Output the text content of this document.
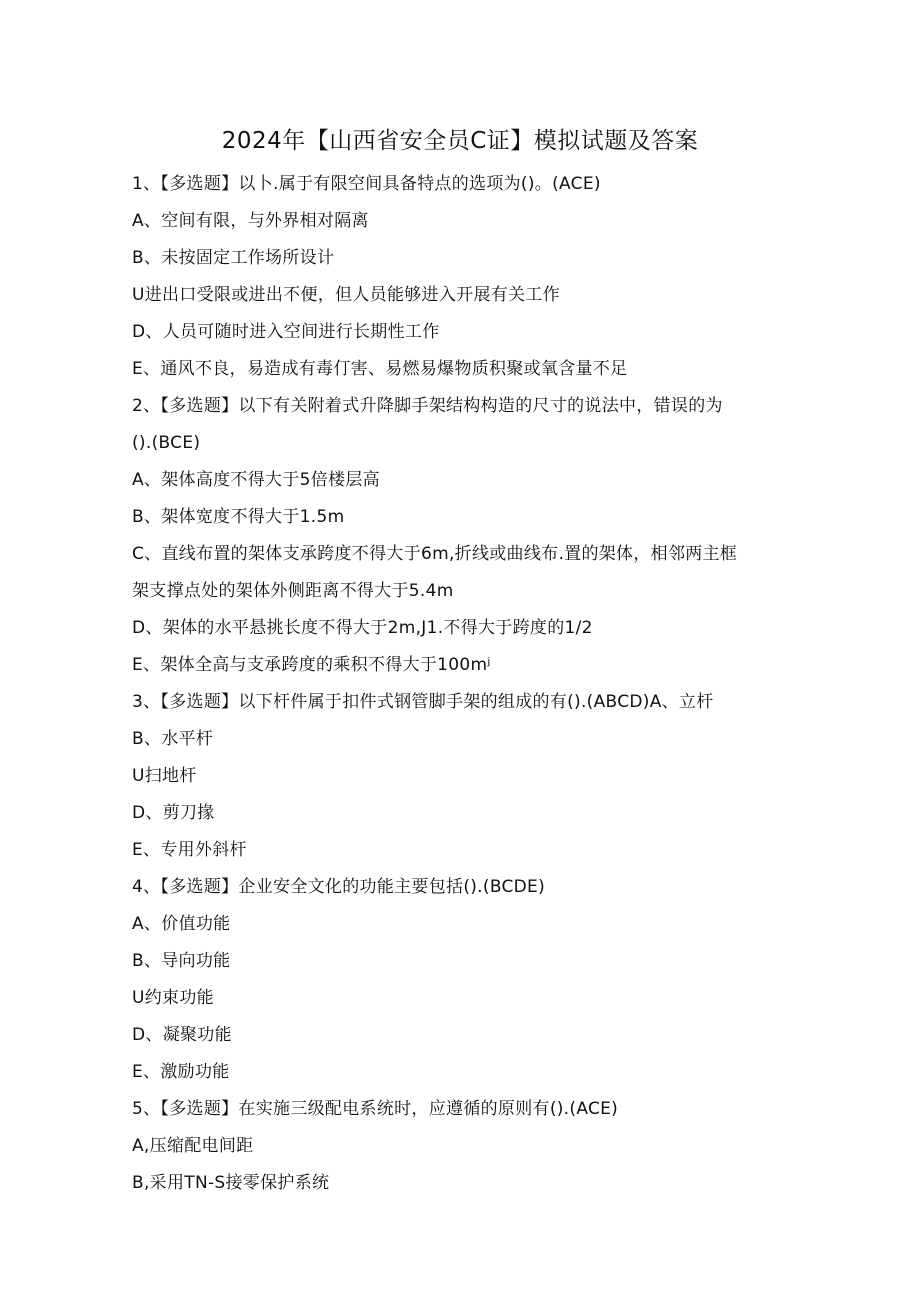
2024年【山西省安全员C证】模拟试题及答案
1、【多选题】以卜.属于有限空间具备特点的选项为()。(ACE)
A、空间有限，与外界相对隔离
B、未按固定工作场所设计
U进出口受限或进出不便，但人员能够进入开展有关工作
D、人员可随时进入空间进行长期性工作
E、通风不良，易造成有毒仃害、易燃易爆物质积聚或氧含量不足
2、【多选题】以下有关附着式升降脚手架结构构造的尺寸的说法中，错误的为
().(BCE)
A、架体高度不得大于5倍楼层高
B、架体宽度不得大于1.5m
C、直线布置的架体支承跨度不得大于6m,折线或曲线布.置的架体，相邻两主框
架支撑点处的架体外侧距离不得大于5.4m
D、架体的水平悬挑长度不得大于2m,J1.不得大于跨度的1/2
E、架体全高与支承跨度的乘积不得大于100mʲ
3、【多选题】以下杆件属于扣件式钢管脚手架的组成的有().(ABCD)A、立杆
B、水平杆
U扫地杆
D、剪刀掾
E、专用外斜杆
4、【多选题】企业安全文化的功能主要包括().(BCDE)
A、价值功能
B、导向功能
U约束功能
D、凝聚功能
E、激励功能
5、【多选题】在实施三级配电系统时，应遵循的原则有().(ACE)
A,压缩配电间距
B,采用TN-S接零保护系统
